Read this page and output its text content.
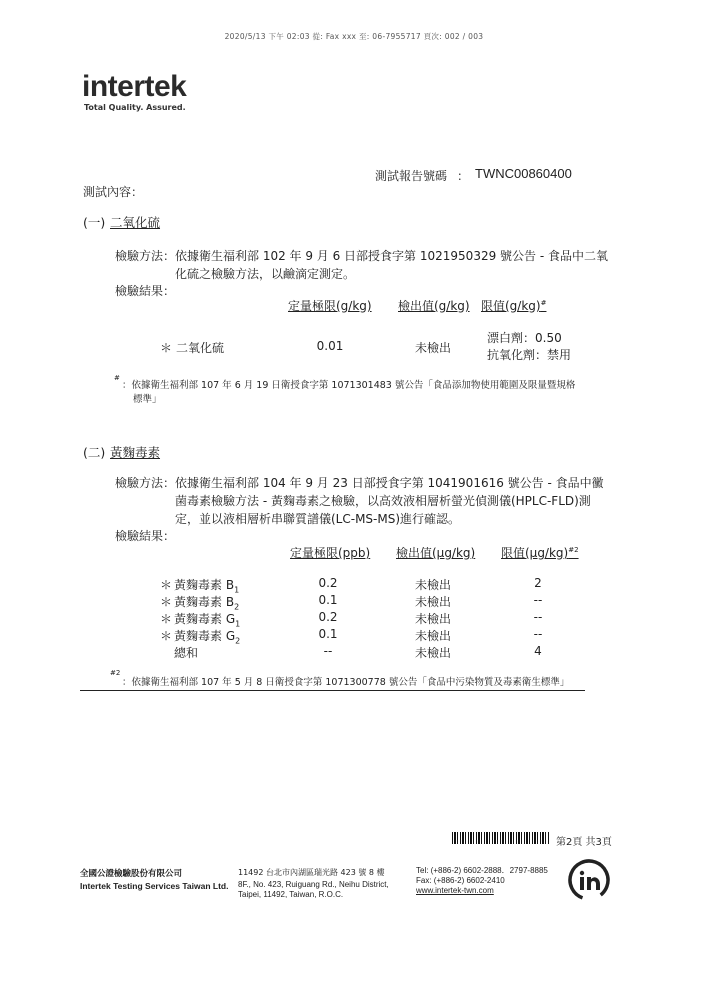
2020/5/13 下午 02:03 從: Fax xxx 至: 06-7955717 頁次: 002 / 003
intertek
Total Quality. Assured.
測試報告號碼 ： TWNC00860400
測試內容：
(一) 二氧化硫
檢驗方法： 依據衛生福利部 102 年 9 月 6 日部授食字第 1021950329 號公告 - 食品中二氧
化硫之檢驗方法，以鹼滴定測定。
檢驗結果：
定量極限(g/kg) 檢出值(g/kg) 限值(g/kg)#
＊ 二氧化硫	0.01	未檢出
漂白劑：0.50
抗氧化劑：禁用
#
：依據衛生福利部 107 年 6 月 19 日衛授食字第 1071301483 號公告「食品添加物使用範圍及限量暨規格
標準」
(二) 黃麴毒素
檢驗方法： 依據衛生福利部 104 年 9 月 23 日部授食字第 1041901616 號公告 - 食品中黴
菌毒素檢驗方法 - 黃麴毒素之檢驗，以高效液相層析螢光偵測儀(HPLC-FLD)測
定，並以液相層析串聯質譜儀(LC-MS-MS)進行確認。
檢驗結果：
定量極限(ppb) 檢出值(μg/kg) 限值$(\mu g/kg)^{\#2}$
＊ 黃麴毒素 $B_1$	0.2	未檢出	2
＊ 黃麴毒素 $B_2$	0.1	未檢出	--
＊ 黃麴毒素 $G_1$	0.2	未檢出	--
＊ 黃麴毒素 $G_2$	0.1	未檢出	--
總和	--	未檢出	4
#2
：依據衛生福利部 107 年 5 月 8 日衛授食字第 1071300778 號公告「食品中污染物質及毒素衛生標準」
第2頁 共3頁
全國公證檢驗股份有限公司
Intertek Testing Services Taiwan Ltd.
11492 台北市內湖區瑞光路 423 號 8 樓
8F., No. 423, Ruiguang Rd., Neihu District,
Taipei, 11492, Taiwan, R.O.C.
Tel: (+886-2) 6602-2888．2797-8885
Fax: (+886-2) 6602-2410
www.intertek-twn.com
